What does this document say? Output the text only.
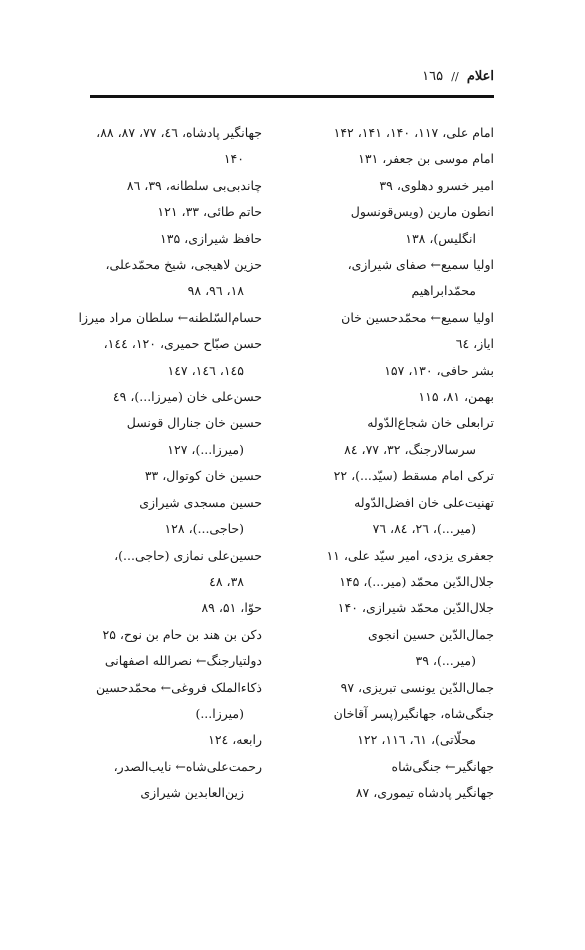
اعلام // ۱٦۵
امام علی، ۱۱۷، ۱۴۰، ۱۴۱، ۱۴۲
امام موسی بن جعفر، ۱۳۱
امیر خسرو دهلوی، ۳۹
انطون مارین (ویس‌قونسول
انگلیس)، ۱۳۸
اولیا سمیع← صفای شیرازی،
محمّدابراهیم
اولیا سمیع← محمّدحسین خان
ایاز، ٦٤
بشر حافی، ۱۳۰، ۱۵۷
بهمن، ۸۱، ۱۱۵
ترابعلی خان شجاع‌الدّوله
سرسالارجنگ، ۳۲، ۷۷، ۸٤
ترکی امام مسقط (سیّد...)، ۲۲
تهنیت‌علی خان افضل‌الدّوله
(میر...)، ۲٦، ۸٤، ۷٦
جعفری یزدی، امیر سیّد علی، ۱۱
جلال‌الدّین محمّد (میر...)، ۱۴۵
جلال‌الدّین محمّد شیرازی، ۱۴۰
جمال‌الدّین حسین انجوی
(میر...)، ۳۹
جمال‌الدّین یونسی تبریزی، ۹۷
جنگی‌شاه، جهانگیر(پسر آقاخان
محلّاتی)، ٦۱، ۱۱٦، ۱۲۲
جهانگیر← جنگی‌شاه
جهانگیر پادشاه تیموری، ۸۷
جهانگیر پادشاه، ٤٦، ۷۷، ۸۷، ۸۸،
۱۴۰
چاندبی‌بی سلطانه، ۳۹، ۸٦
حاتم طائی، ۳۳، ۱۲۱
حافظ شیرازی، ۱۳۵
حزین لاهیجی، شیخ محمّدعلی،
۱۸، ۹٦، ۹۸
حسام‌السّلطنه← سلطان مراد میرزا
حسن صبّاح حمیری، ۱۲۰، ۱٤٤،
۱٤۵، ۱٤٦، ۱٤۷
حسن‌علی خان (میرزا...)، ٤۹
حسین خان جنارال قونسل
(میرزا...)، ۱۲۷
حسین خان کوتوال، ۳۳
حسین مسجدی شیرازی
(حاجی...)، ۱۲۸
حسین‌علی نمازی (حاجی...)،
۳۸، ٤۸
حوّا، ۵۱، ۸۹
دکن بن هند بن حام بن نوح، ۲۵
دولتیارجنگ← نصرالله اصفهانی
ذکاءالملک فروغی← محمّدحسین
(میرزا...)
رابعه، ۱۲٤
رحمت‌علی‌شاه← نایب‌الصدر،
زین‌العابدین شیرازی
